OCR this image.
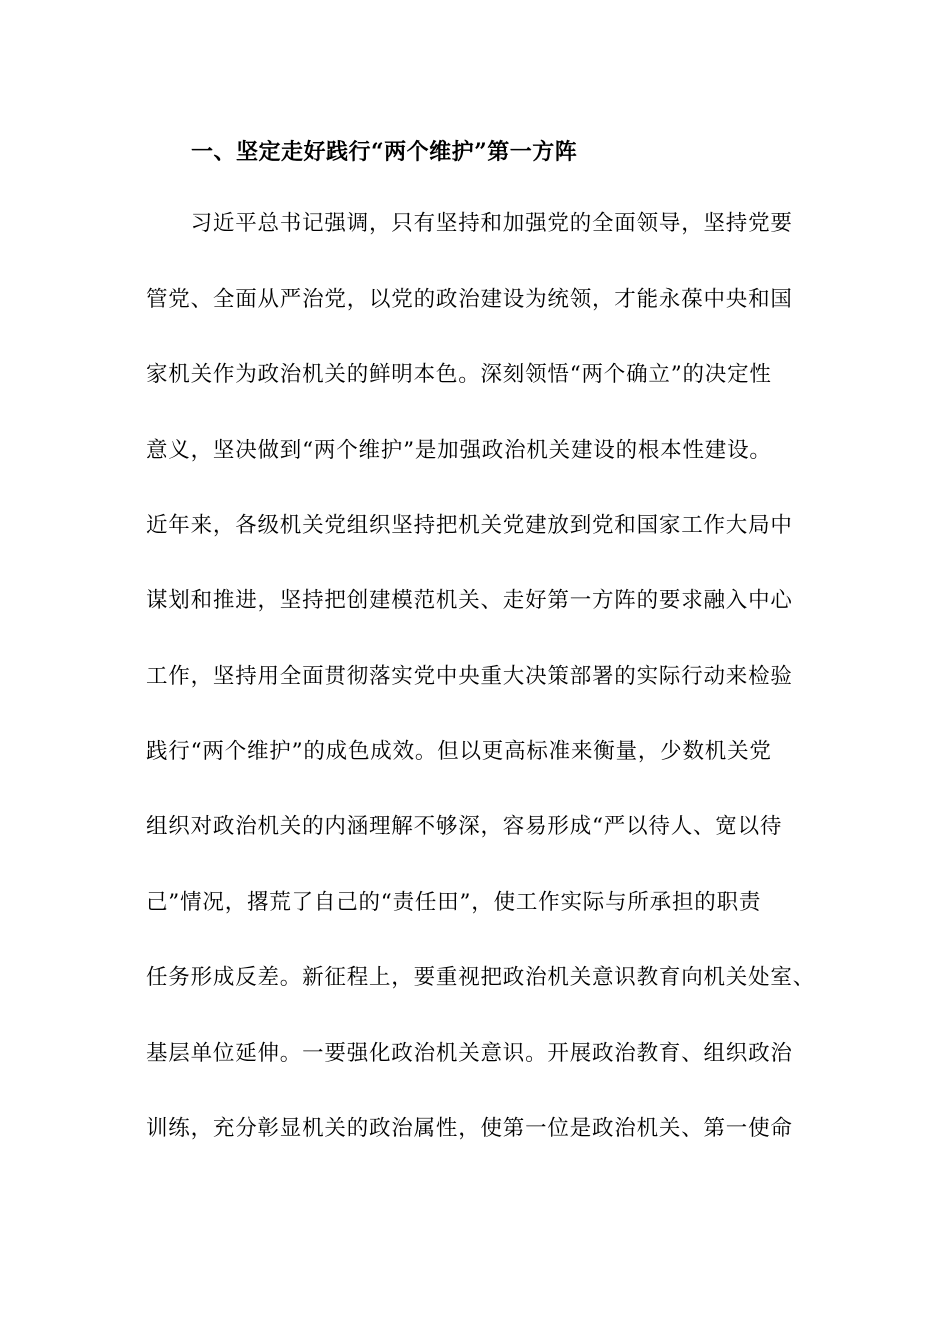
一、坚定走好践行“两个维护”第一方阵
　　习近平总书记强调，只有坚持和加强党的全面领导，坚持党要
管党、全面从严治党，以党的政治建设为统领，才能永葆中央和国
家机关作为政治机关的鲜明本色。深刻领悟“两个确立”的决定性
意义，坚决做到“两个维护”是加强政治机关建设的根本性建设。
近年来，各级机关党组织坚持把机关党建放到党和国家工作大局中
谋划和推进，坚持把创建模范机关、走好第一方阵的要求融入中心
工作，坚持用全面贯彻落实党中央重大决策部署的实际行动来检验
践行“两个维护”的成色成效。但以更高标准来衡量，少数机关党
组织对政治机关的内涵理解不够深，容易形成“严以待人、宽以待
己”情况，撂荒了自己的“责任田”，使工作实际与所承担的职责
任务形成反差。新征程上，要重视把政治机关意识教育向机关处室、
基层单位延伸。一要强化政治机关意识。开展政治教育、组织政治
训练，充分彰显机关的政治属性，使第一位是政治机关、第一使命
